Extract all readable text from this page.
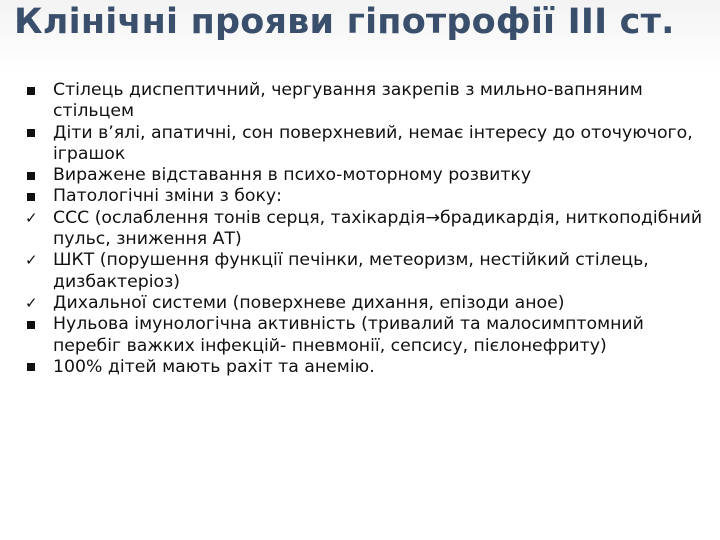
Клінічні прояви гіпотрофії ІІІ ст.
Стілець диспептичний, чергування закрепів з мильно-вапняним стільцем
Діти в’ялі, апатичні, сон поверхневий, немає інтересу до оточуючого, іграшок
Виражене відставання в психо-моторному розвитку
Патологічні зміни з боку:
✓ ССС (ослаблення тонів серця, тахікардія→брадикардія, ниткоподібний пульс, зниження АТ)
✓ ШКТ (порушення функції печінки, метеоризм, нестійкий стілець, дизбактеріоз)
✓ Дихальної системи (поверхневе дихання, епізоди аное)
Нульова імунологічна активність (тривалий та малосимптомний перебіг важких інфекцій- пневмонії, сепсису, пієлонефриту)
100% дітей мають рахіт та анемію.
